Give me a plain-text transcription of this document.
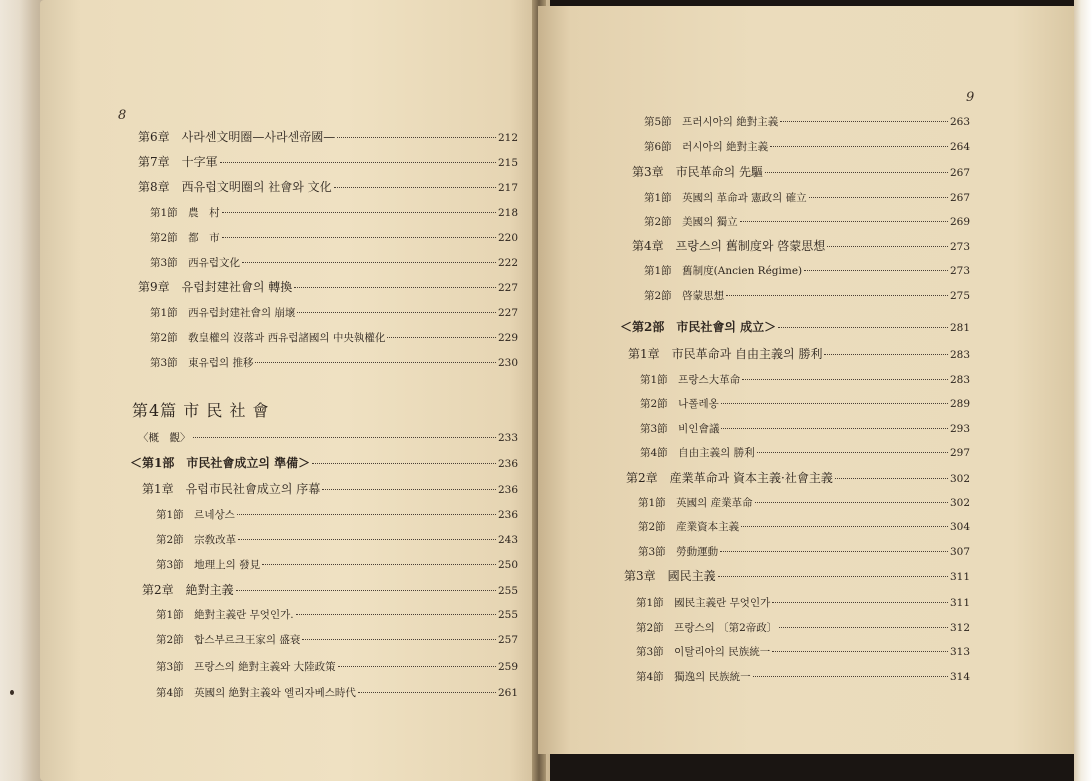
8
第6章　사라센文明圈—사라센帝國—	212
第7章　十字軍	215
第8章　西유럽文明圈의 社會와 文化	217
第1節　農　村	218
第2節　都　市	220
第3節　西유럽文化	222
第9章　유럽封建社會의 轉換	227
第1節　西유럽封建社會의 崩壞	227
第2節　敎皇權의 沒落과 西유럽諸國의 中央執權化	229
第3節　東유럽의 推移	230
第4篇 市 民 社 會
〈概　觀〉	233
＜第1部　市民社會成立의 準備＞	236
第1章　유럽市民社會成立의 序幕	236
第1節　르네상스	236
第2節　宗敎改革	243
第3節　地理上의 發見	250
第2章　絶對主義	255
第1節　絶對主義란 무엇인가.	255
第2節　합스부르크王家의 盛衰	257
第3節　프랑스의 絶對主義와 大陸政策	259
第4節　英國의 絶對主義와 엘리자베스時代	261
9
第5節　프러시아의 絶對主義	263
第6節　러시아의 絶對主義	264
第3章　市民革命의 先驅	267
第1節　英國의 革命과 憲政의 確立	267
第2節　美國의 獨立	269
第4章　프랑스의 舊制度와 啓蒙思想	273
第1節　舊制度(Ancien Régime)	273
第2節　啓蒙思想	275
＜第2部　市民社會의 成立＞	281
第1章　市民革命과 自由主義의 勝利	283
第1節　프랑스大革命	283
第2節　나폴레옹	289
第3節　비인會議	293
第4節　自由主義의 勝利	297
第2章　産業革命과 資本主義·社會主義	302
第1節　英國의 産業革命	302
第2節　産業資本主義	304
第3節　勞動運動	307
第3章　國民主義	311
第1節　國民主義란 무엇인가	311
第2節　프랑스의 〔第2帝政〕	312
第3節　이탈리아의 民族統一	313
第4節　獨逸의 民族統一	314
